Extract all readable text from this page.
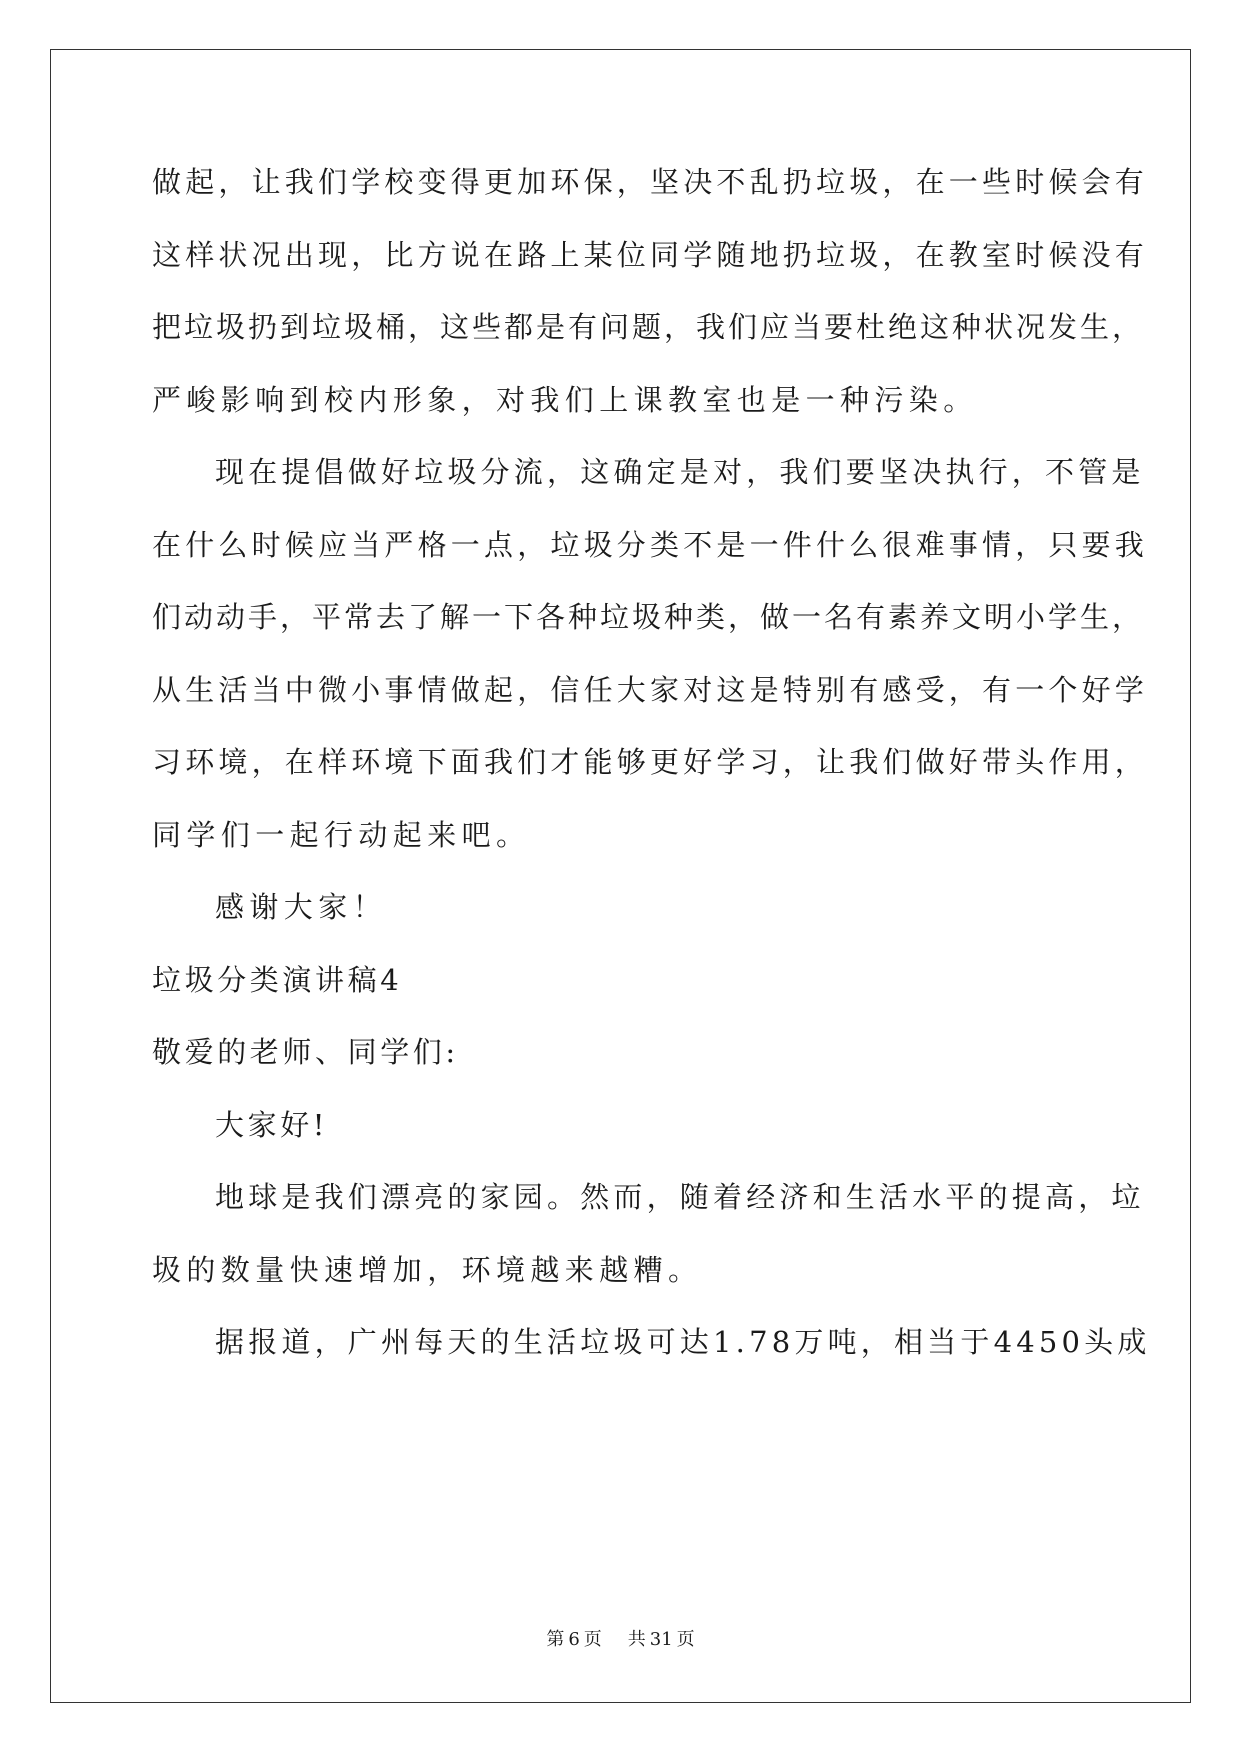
做起，让我们学校变得更加环保，坚决不乱扔垃圾，在一些时候会有
这样状况出现，比方说在路上某位同学随地扔垃圾，在教室时候没有
把垃圾扔到垃圾桶，这些都是有问题，我们应当要杜绝这种状况发生，
严峻影响到校内形象，对我们上课教室也是一种污染。
现在提倡做好垃圾分流，这确定是对，我们要坚决执行，不管是
在什么时候应当严格一点，垃圾分类不是一件什么很难事情，只要我
们动动手，平常去了解一下各种垃圾种类，做一名有素养文明小学生，
从生活当中微小事情做起，信任大家对这是特别有感受，有一个好学
习环境，在样环境下面我们才能够更好学习，让我们做好带头作用，
同学们一起行动起来吧。
感谢大家！
垃圾分类演讲稿4
敬爱的老师、同学们:
大家好!
地球是我们漂亮的家园。然而，随着经济和生活水平的提高，垃
圾的数量快速增加，环境越来越糟。
据报道，广州每天的生活垃圾可达1.78万吨，相当于4450头成
第 6 页 共 31 页
